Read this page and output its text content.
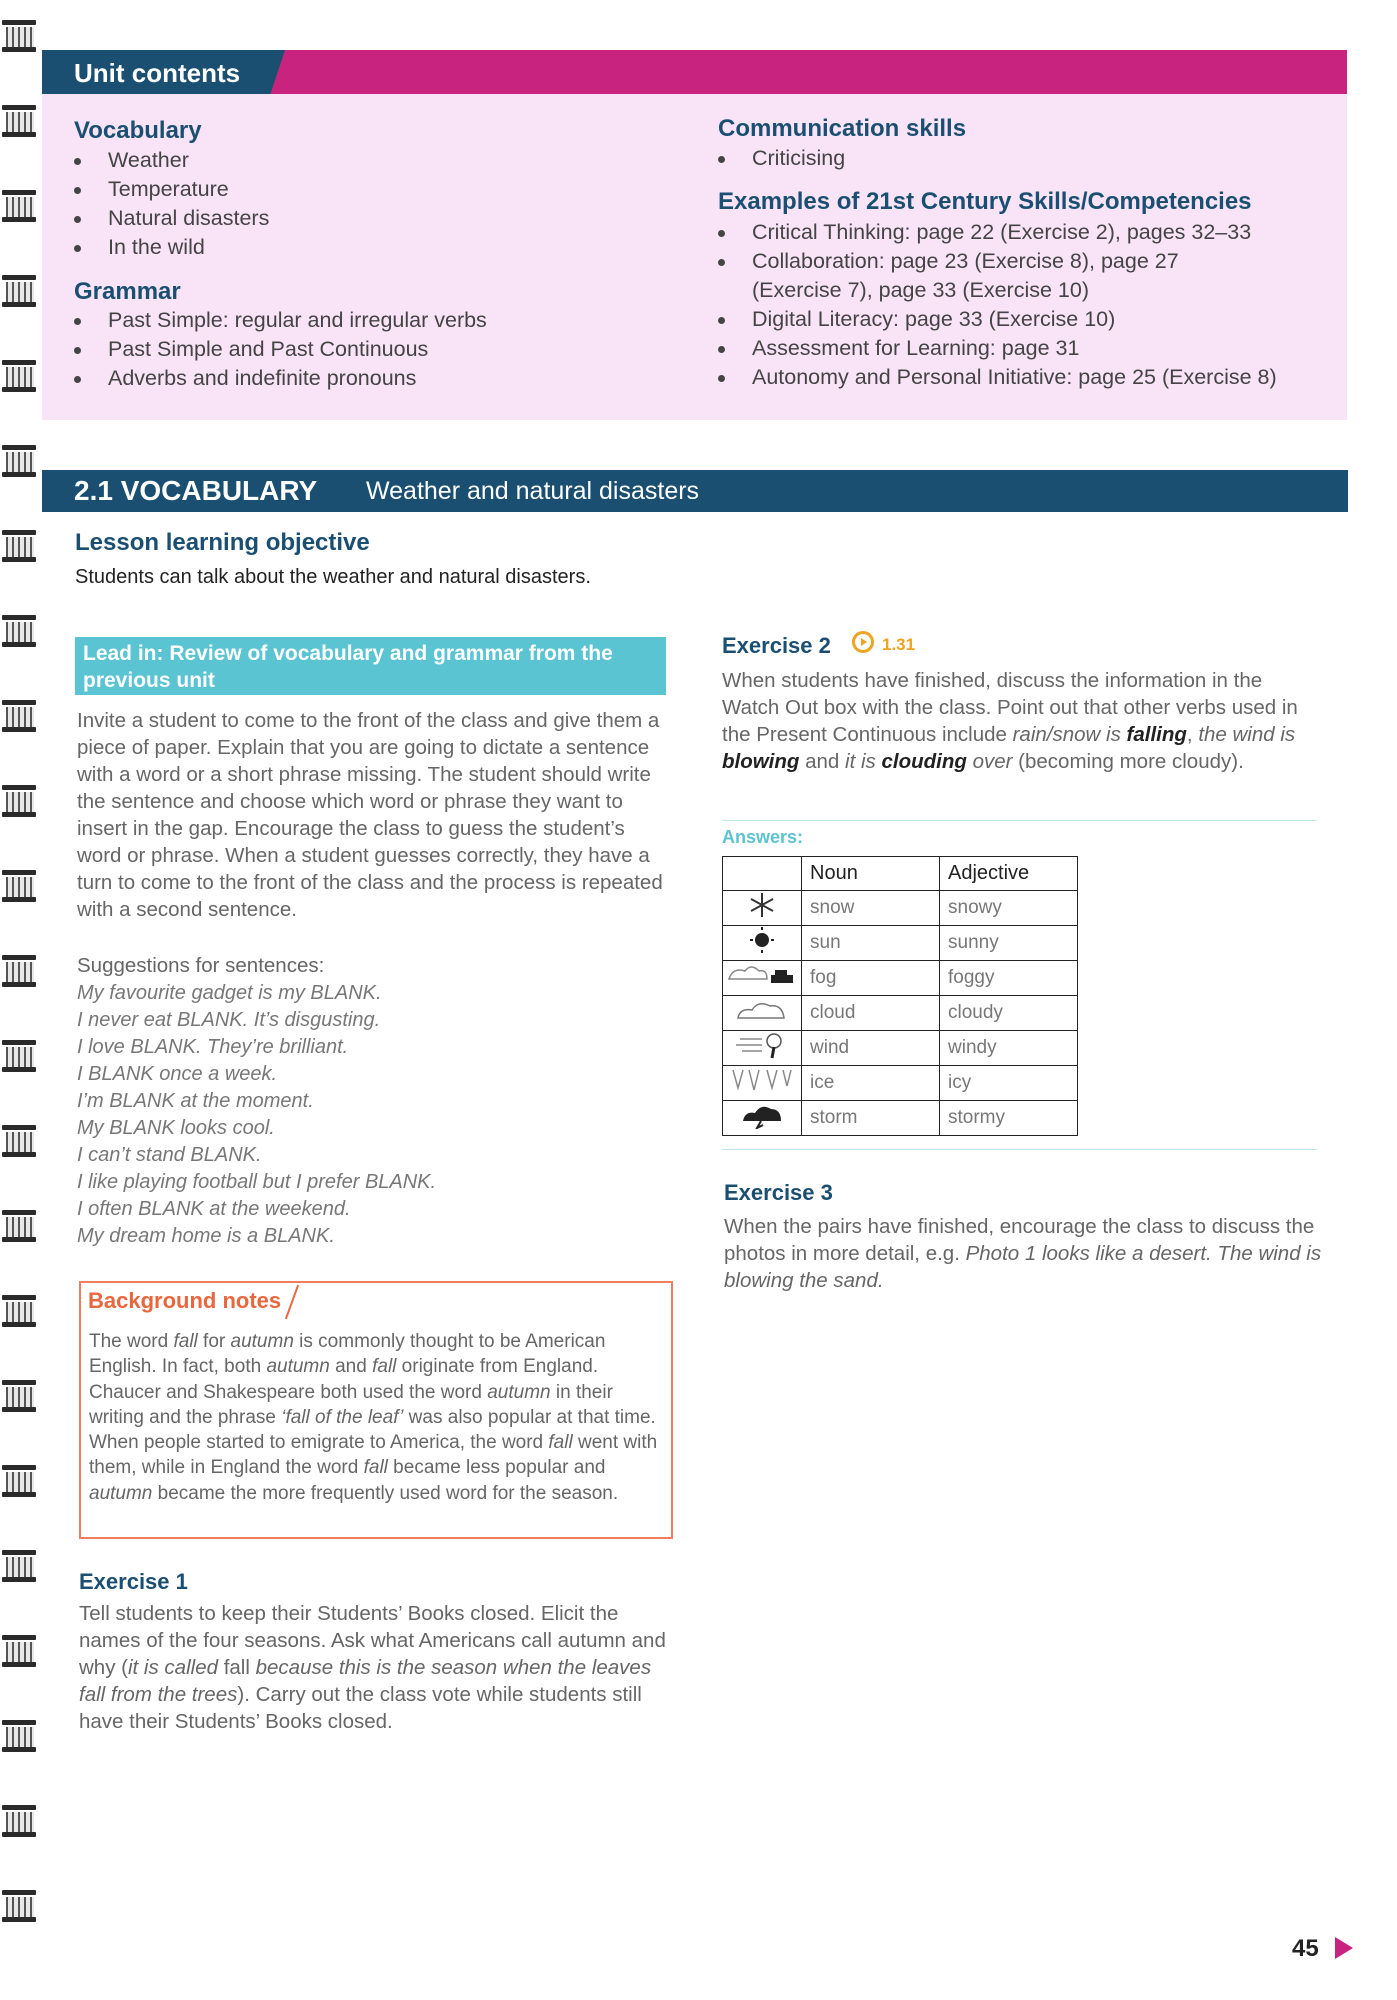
Unit contents
Vocabulary
Weather
Temperature
Natural disasters
In the wild
Grammar
Past Simple: regular and irregular verbs
Past Simple and Past Continuous
Adverbs and indefinite pronouns
Communication skills
Criticising
Examples of 21st Century Skills/Competencies
Critical Thinking: page 22 (Exercise 2), pages 32–33
Collaboration: page 23 (Exercise 8), page 27
(Exercise 7), page 33 (Exercise 10)
Digital Literacy: page 33 (Exercise 10)
Assessment for Learning: page 31
Autonomy and Personal Initiative: page 25 (Exercise 8)
2.1 VOCABULARY Weather and natural disasters
Lesson learning objective
Students can talk about the weather and natural disasters.
Lead in: Review of vocabulary and grammar from the previous unit
Invite a student to come to the front of the class and give them a piece of paper. Explain that you are going to dictate a sentence with a word or a short phrase missing. The student should write the sentence and choose which word or phrase they want to insert in the gap. Encourage the class to guess the student’s word or phrase. When a student guesses correctly, they have a turn to come to the front of the class and the process is repeated with a second sentence.
Suggestions for sentences:
My favourite gadget is my BLANK.
I never eat BLANK. It’s disgusting.
I love BLANK. They’re brilliant.
I BLANK once a week.
I’m BLANK at the moment.
My BLANK looks cool.
I can’t stand BLANK.
I like playing football but I prefer BLANK.
I often BLANK at the weekend.
My dream home is a BLANK.
Background notes
The word fall for autumn is commonly thought to be American English. In fact, both autumn and fall originate from England. Chaucer and Shakespeare both used the word autumn in their writing and the phrase ‘fall of the leaf’ was also popular at that time. When people started to emigrate to America, the word fall went with them, while in England the word fall became less popular and autumn became the more frequently used word for the season.
Exercise 1
Tell students to keep their Students’ Books closed. Elicit the names of the four seasons. Ask what Americans call autumn and why (it is called fall because this is the season when the leaves fall from the trees). Carry out the class vote while students still have their Students’ Books closed.
Exercise 2	1.31
When students have finished, discuss the information in the Watch Out box with the class. Point out that other verbs used in the Present Continuous include rain/snow is falling, the wind is blowing and it is clouding over (becoming more cloudy).
Answers:
	Noun	Adjective
	snow	snowy
	sun	sunny
	fog	foggy
	cloud	cloudy
	wind	windy
	ice	icy
	storm	stormy
Exercise 3
When the pairs have finished, encourage the class to discuss the photos in more detail, e.g. Photo 1 looks like a desert. The wind is blowing the sand.
45
